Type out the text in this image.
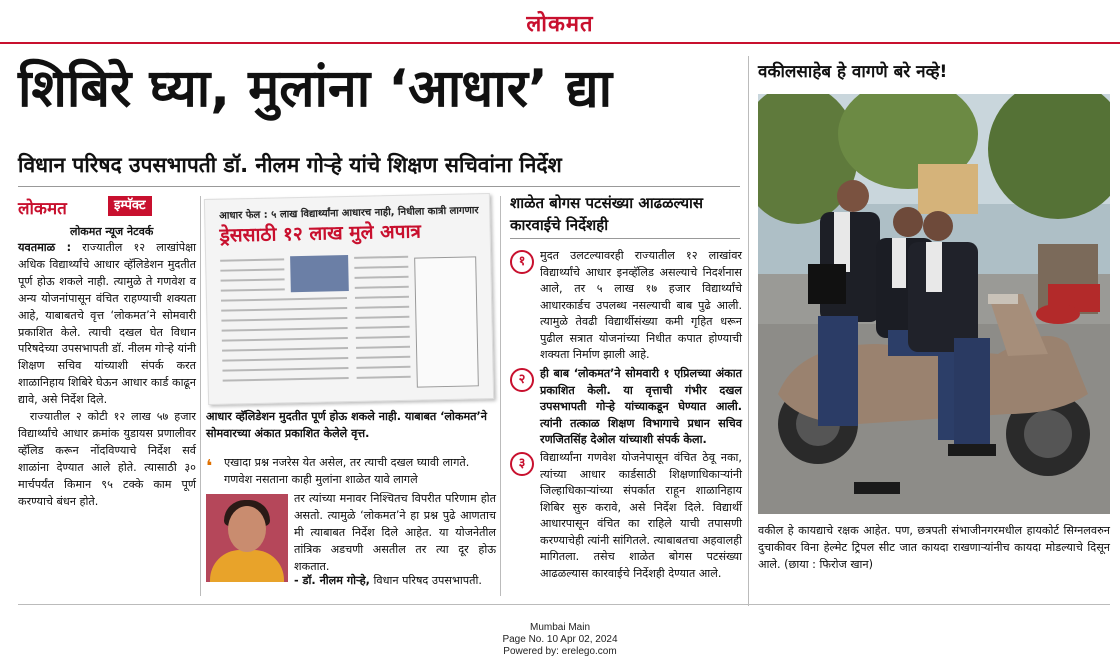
लोकमत
शिबिरे घ्या, मुलांना ‘आधार’ द्या
विधान परिषद उपसभापती डॉ. नीलम गोऱ्हे यांचे शिक्षण सचिवांना निर्देश
लोकमत	इम्पॅक्ट
लोकमत न्यूज नेटवर्क

यवतमाळ : राज्यातील १२ लाखांपेक्षा अधिक विद्यार्थ्यांचे आधार व्हॅलिडेशन मुदतीत पूर्ण होऊ शकले नाही. त्यामुळे ते गणवेश व अन्य योजनांपासून वंचित राहण्याची शक्यता आहे, याबाबतचे वृत्त ‘लोकमत’ने सोमवारी प्रकाशित केले. त्याची दखल घेत विधान परिषदेच्या उपसभापती डॉ. नीलम गोऱ्हे यांनी शिक्षण सचिव यांच्याशी संपर्क करत शाळानिहाय शिबिरे घेऊन आधार कार्ड काढून द्यावे, असे निर्देश दिले.

राज्यातील २ कोटी १२ लाख ५७ हजार विद्यार्थ्यांचे आधार क्रमांक युडायस प्रणालीवर व्हॅलिड करून नोंदविण्याचे निर्देश सर्व शाळांना देण्यात आले होते. त्यासाठी ३० मार्चपर्यंत किमान ९५ टक्के काम पूर्ण करण्याचे बंधन होते.

आधार फेल : ५ लाख विद्यार्थ्यांना आधारच नाही, निधीला कात्री लागणार
ड्रेससाठी १२ लाख मुले अपात्र
आधार व्हॅलिडेशन मुदतीत पूर्ण होऊ शकले नाही. याबाबत ‘लोकमत’ने सोमवारच्या अंकात प्रकाशित केलेले वृत्त.
❛ एखादा प्रश्न नजरेस येत असेल, तर त्याची दखल घ्यावी लागते. गणवेश नसताना काही मुलांना शाळेत यावे लागले
तर त्यांच्या मनावर निश्चितच विपरीत परिणाम होत असतो. त्यामुळे ‘लोकमत’ने हा प्रश्न पुढे आणताच मी त्याबाबत निर्देश दिले आहेत. या योजनेतील तांत्रिक अडचणी असतील तर त्या दूर होऊ शकतात.
- डॉ. नीलम गोऱ्हे, विधान परिषद उपसभापती.
शाळेत बोगस पटसंख्या आढळल्यास कारवाईचे निर्देशही
१	मुदत उलटल्यावरही राज्यातील १२ लाखांवर विद्यार्थ्यांचे आधार इनव्हॅलिड असल्याचे निदर्शनास आले, तर ५ लाख १७ हजार विद्यार्थ्यांचे आधारकार्डच उपलब्ध नसल्याची बाब पुढे आली. त्यामुळे तेवढी विद्यार्थीसंख्या कमी गृहित धरून पुढील सत्रात योजनांच्या निधीत कपात होण्याची शक्यता निर्माण झाली आहे.
२	ही बाब ‘लोकमत’ने सोमवारी १ एप्रिलच्या अंकात प्रकाशित केली. या वृत्ताची गंभीर दखल उपसभापती गोऱ्हे यांच्याकडून घेण्यात आली. त्यांनी तत्काळ शिक्षण विभागाचे प्रधान सचिव रणजितसिंह देओल यांच्याशी संपर्क केला.
३	विद्यार्थ्यांना गणवेश योजनेपासून वंचित ठेवू नका, त्यांच्या आधार कार्डसाठी शिक्षणाधिकाऱ्यांनी जिल्हाधिकाऱ्यांच्या संपर्कात राहून शाळानिहाय शिबिर सुरु करावे, असे निर्देश दिले. विद्यार्थी आधारपासून वंचित का राहिले याची तपासणी करण्याचेही त्यांनी सांगितले. त्याबाबतचा अहवालही मागितला. तसेच शाळेत बोगस पटसंख्या आढळल्यास कारवाईचे निर्देशही देण्यात आले.
वकीलसाहेब हे वागणे बरे नव्हे!
वकील हे कायद्याचे रक्षक आहेत. पण, छत्रपती संभाजीनगरमधील हायकोर्ट सिग्नलवरुन दुचाकीवर विना हेल्मेट ट्रिपल सीट जात कायदा राखणाऱ्यांनीच कायदा मोडल्याचे दिसून आले. (छाया : फिरोज खान)
Mumbai Main
Page No. 10 Apr 02, 2024
Powered by: erelego.com
